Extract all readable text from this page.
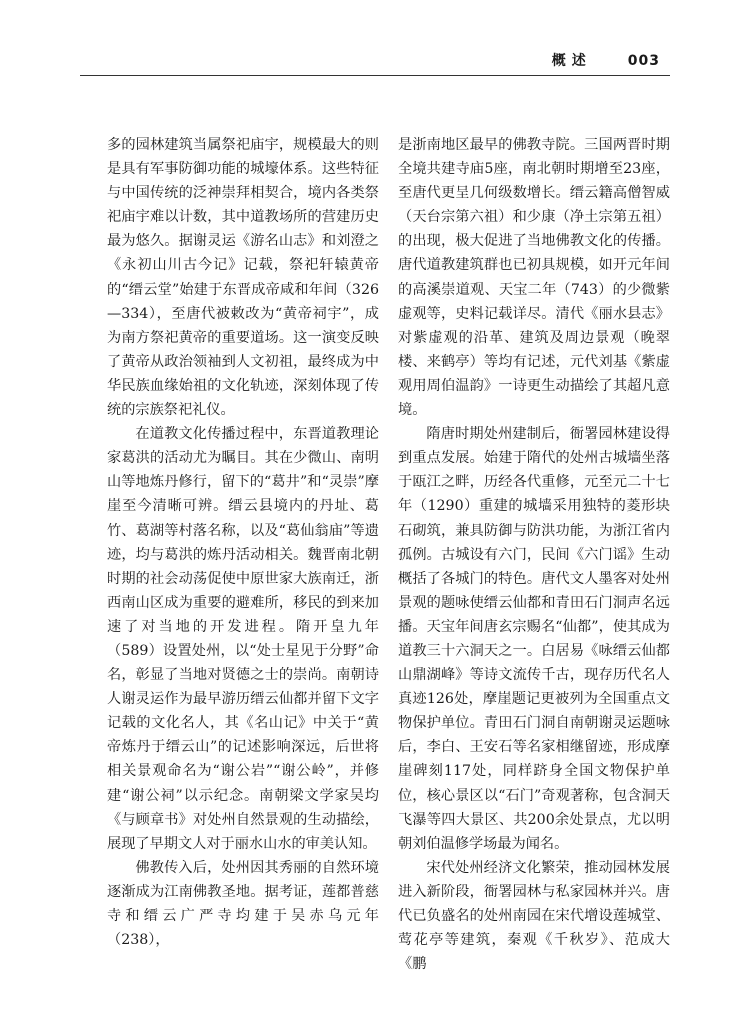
概述	003

多的园林建筑当属祭祀庙宇，规模最大的则是具有军事防御功能的城壕体系。这些特征与中国传统的泛神崇拜相契合，境内各类祭祀庙宇难以计数，其中道教场所的营建历史最为悠久。据谢灵运《游名山志》和刘澄之《永初山川古今记》记载，祭祀轩辕黄帝的“缙云堂”始建于东晋成帝咸和年间（326—334），至唐代被敕改为“黄帝祠宇”，成为南方祭祀黄帝的重要道场。这一演变反映了黄帝从政治领袖到人文初祖，最终成为中华民族血缘始祖的文化轨迹，深刻体现了传统的宗族祭祀礼仪。

在道教文化传播过程中，东晋道教理论家葛洪的活动尤为瞩目。其在少微山、南明山等地炼丹修行，留下的“葛井”和“灵崇”摩崖至今清晰可辨。缙云县境内的丹址、葛竹、葛湖等村落名称，以及“葛仙翁庙”等遗迹，均与葛洪的炼丹活动相关。魏晋南北朝时期的社会动荡促使中原世家大族南迁，浙西南山区成为重要的避难所，移民的到来加速了对当地的开发进程。隋开皇九年（589）设置处州，以“处士星见于分野”命名，彰显了当地对贤德之士的崇尚。南朝诗人谢灵运作为最早游历缙云仙都并留下文字记载的文化名人，其《名山记》中关于“黄帝炼丹于缙云山”的记述影响深远，后世将相关景观命名为“谢公岩”“谢公岭”，并修建“谢公祠”以示纪念。南朝梁文学家吴均《与顾章书》对处州自然景观的生动描绘，展现了早期文人对于丽水山水的审美认知。

佛教传入后，处州因其秀丽的自然环境逐渐成为江南佛教圣地。据考证，莲都普慈寺和缙云广严寺均建于吴赤乌元年（238），

是浙南地区最早的佛教寺院。三国两晋时期全境共建寺庙5座，南北朝时期增至23座，至唐代更呈几何级数增长。缙云籍高僧智威（天台宗第六祖）和少康（净土宗第五祖）的出现，极大促进了当地佛教文化的传播。唐代道教建筑群也已初具规模，如开元年间的高溪崇道观、天宝二年（743）的少微紫虚观等，史料记载详尽。清代《丽水县志》对紫虚观的沿革、建筑及周边景观（晚翠楼、来鹤亭）等均有记述，元代刘基《紫虚观用周伯温韵》一诗更生动描绘了其超凡意境。

隋唐时期处州建制后，衙署园林建设得到重点发展。始建于隋代的处州古城墙坐落于瓯江之畔，历经各代重修，元至元二十七年（1290）重建的城墙采用独特的菱形块石砌筑，兼具防御与防洪功能，为浙江省内孤例。古城设有六门，民间《六门谣》生动概括了各城门的特色。唐代文人墨客对处州景观的题咏使缙云仙都和青田石门洞声名远播。天宝年间唐玄宗赐名“仙都”，使其成为道教三十六洞天之一。白居易《咏缙云仙都山鼎湖峰》等诗文流传千古，现存历代名人真迹126处，摩崖题记更被列为全国重点文物保护单位。青田石门洞自南朝谢灵运题咏后，李白、王安石等名家相继留迹，形成摩崖碑刻117处，同样跻身全国文物保护单位，核心景区以“石门”奇观著称，包含洞天飞瀑等四大景区、共200余处景点，尤以明朝刘伯温修学场最为闻名。

宋代处州经济文化繁荣，推动园林发展进入新阶段，衙署园林与私家园林并兴。唐代已负盛名的处州南园在宋代增设莲城堂、莺花亭等建筑，秦观《千秋岁》、范成大《鹏
